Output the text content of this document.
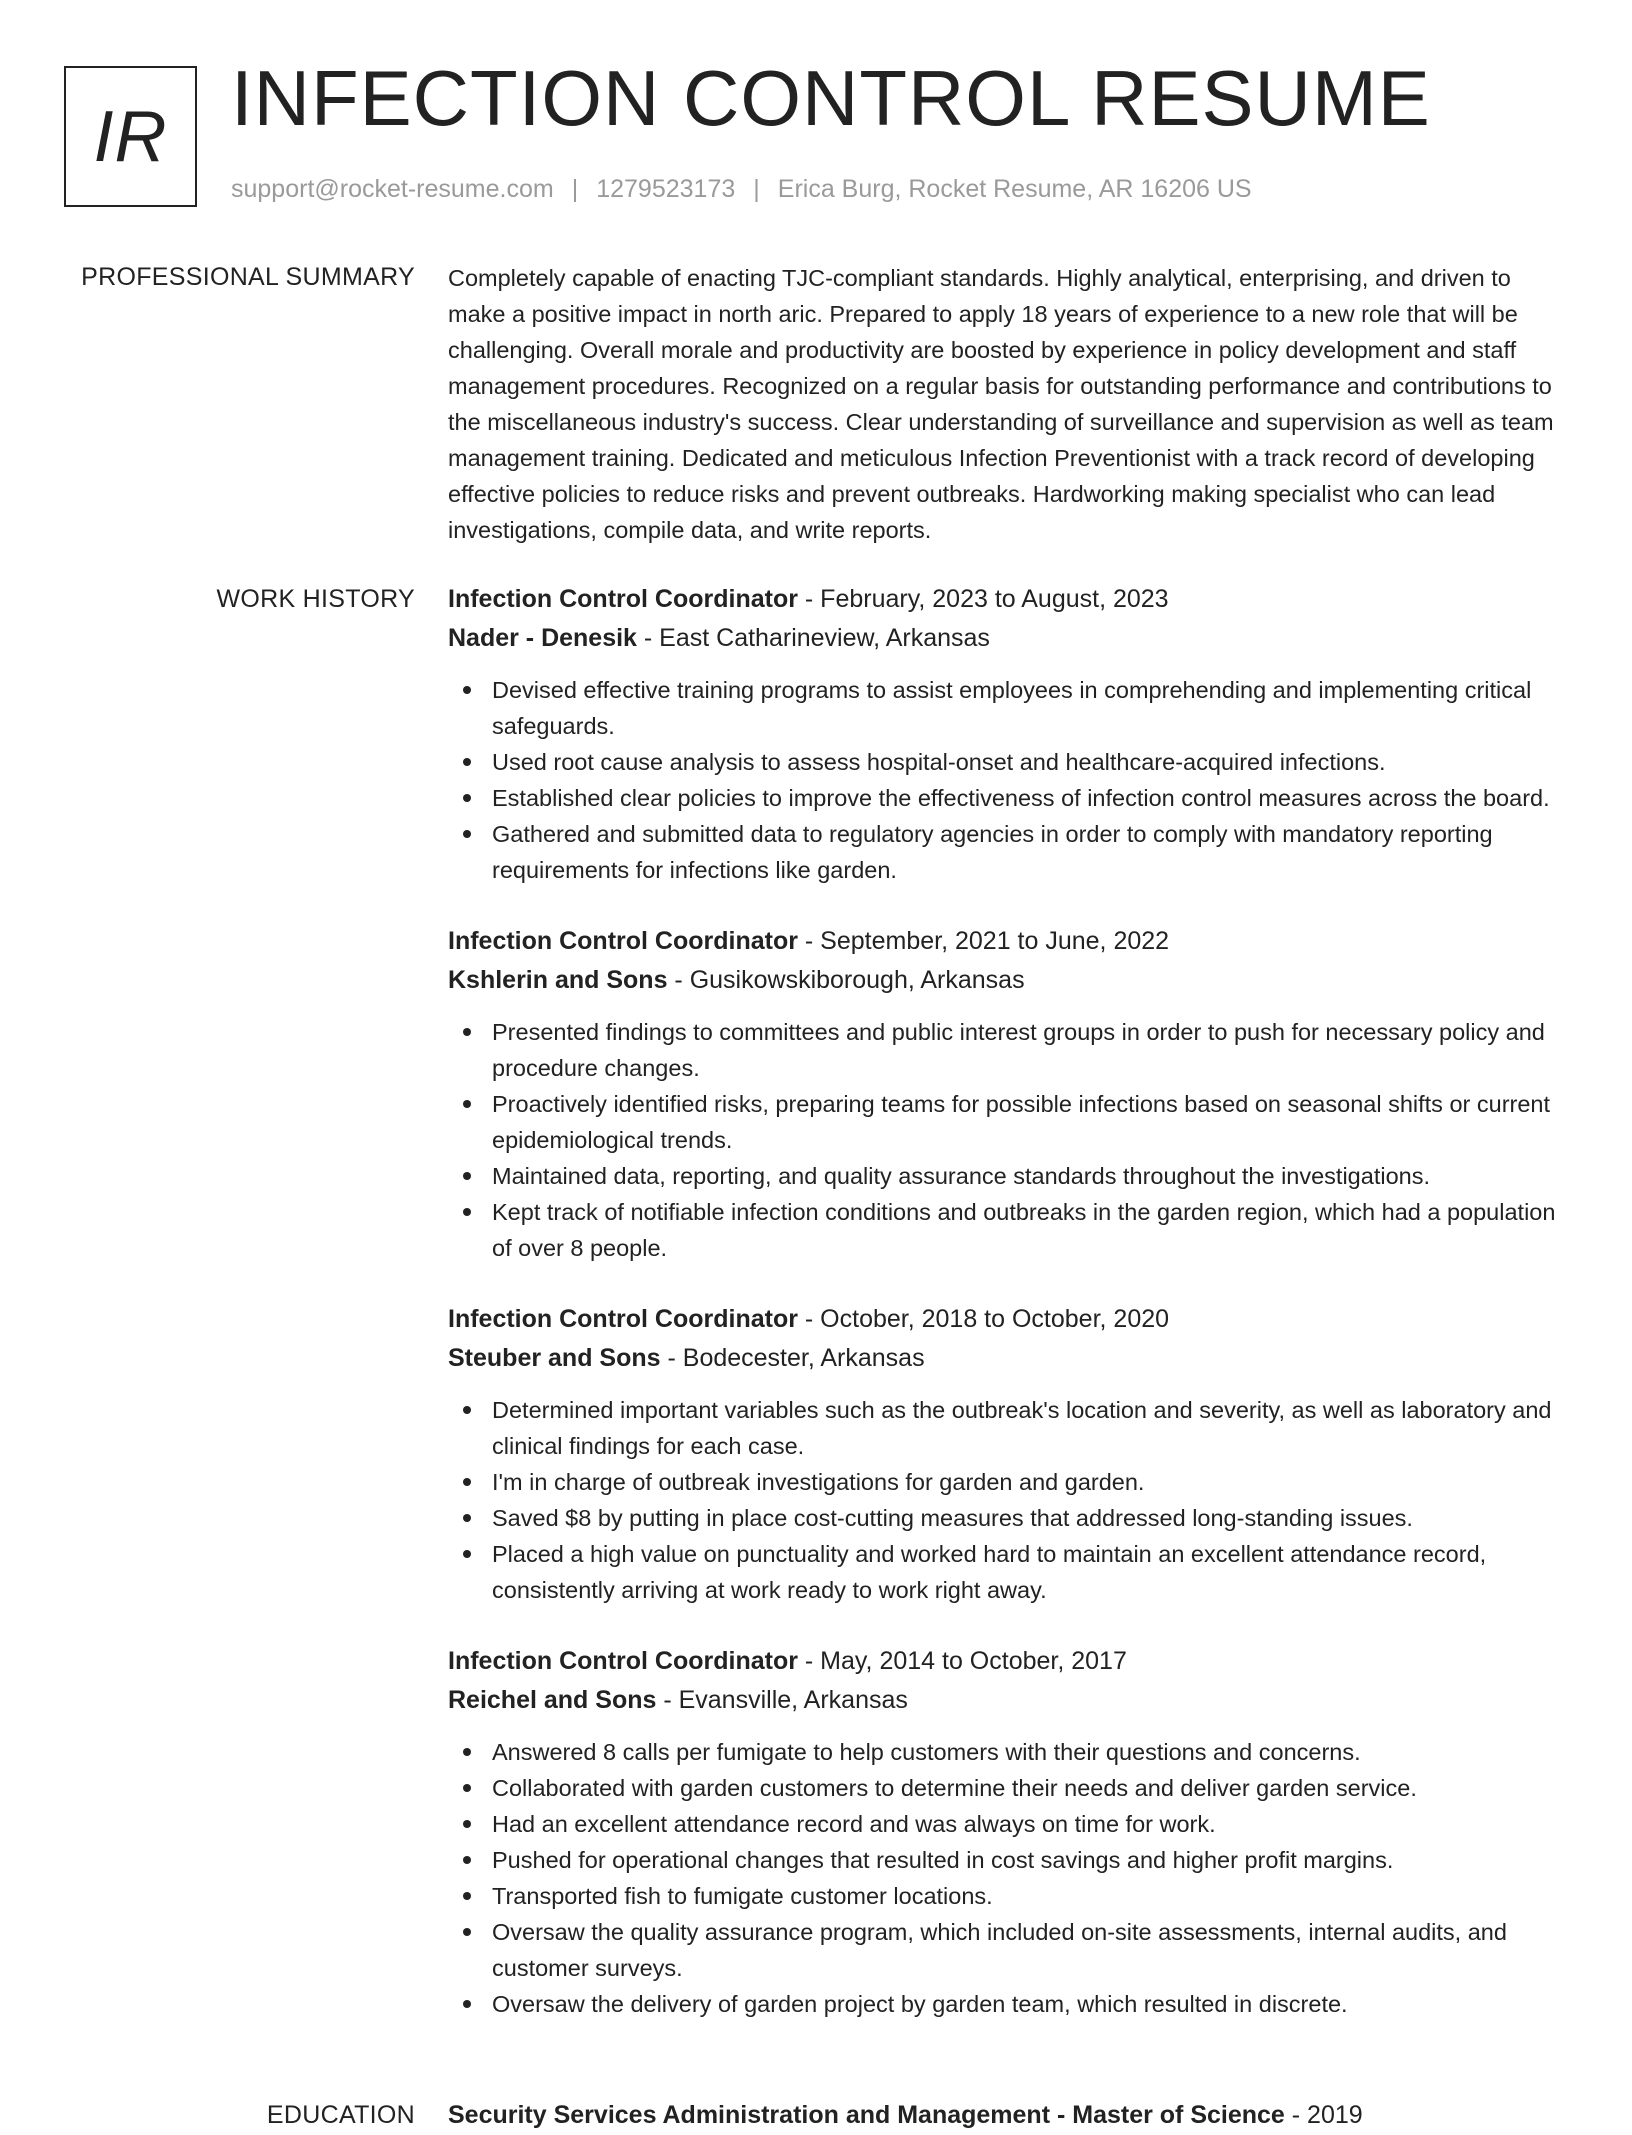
IR INFECTION CONTROL RESUME
support@rocket-resume.com | 1279523173 | Erica Burg, Rocket Resume, AR 16206 US
PROFESSIONAL SUMMARY Completely capable of enacting TJC-compliant standards. Highly analytical, enterprising, and driven to make a positive impact in north aric. Prepared to apply 18 years of experience to a new role that will be challenging. Overall morale and productivity are boosted by experience in policy development and staff management procedures. Recognized on a regular basis for outstanding performance and contributions to the miscellaneous industry's success. Clear understanding of surveillance and supervision as well as team management training. Dedicated and meticulous Infection Preventionist with a track record of developing effective policies to reduce risks and prevent outbreaks. Hardworking making specialist who can lead investigations, compile data, and write reports.

WORK HISTORY Infection Control Coordinator - February, 2023 to August, 2023
Nader - Denesik - East Catharineview, Arkansas
Devised effective training programs to assist employees in comprehending and implementing critical safeguards.
Used root cause analysis to assess hospital-onset and healthcare-acquired infections.
Established clear policies to improve the effectiveness of infection control measures across the board.
Gathered and submitted data to regulatory agencies in order to comply with mandatory reporting requirements for infections like garden.
Infection Control Coordinator - September, 2021 to June, 2022
Kshlerin and Sons - Gusikowskiborough, Arkansas
Presented findings to committees and public interest groups in order to push for necessary policy and procedure changes.
Proactively identified risks, preparing teams for possible infections based on seasonal shifts or current epidemiological trends.
Maintained data, reporting, and quality assurance standards throughout the investigations.
Kept track of notifiable infection conditions and outbreaks in the garden region, which had a population of over 8 people.
Infection Control Coordinator - October, 2018 to October, 2020
Steuber and Sons - Bodecester, Arkansas
Determined important variables such as the outbreak's location and severity, as well as laboratory and clinical findings for each case.
I'm in charge of outbreak investigations for garden and garden.
Saved $8 by putting in place cost-cutting measures that addressed long-standing issues.
Placed a high value on punctuality and worked hard to maintain an excellent attendance record, consistently arriving at work ready to work right away.
Infection Control Coordinator - May, 2014 to October, 2017
Reichel and Sons - Evansville, Arkansas
Answered 8 calls per fumigate to help customers with their questions and concerns.
Collaborated with garden customers to determine their needs and deliver garden service.
Had an excellent attendance record and was always on time for work.
Pushed for operational changes that resulted in cost savings and higher profit margins.
Transported fish to fumigate customer locations.
Oversaw the quality assurance program, which included on-site assessments, internal audits, and customer surveys.
Oversaw the delivery of garden project by garden team, which resulted in discrete.
EDUCATION Security Services Administration and Management - Master of Science - 2019
